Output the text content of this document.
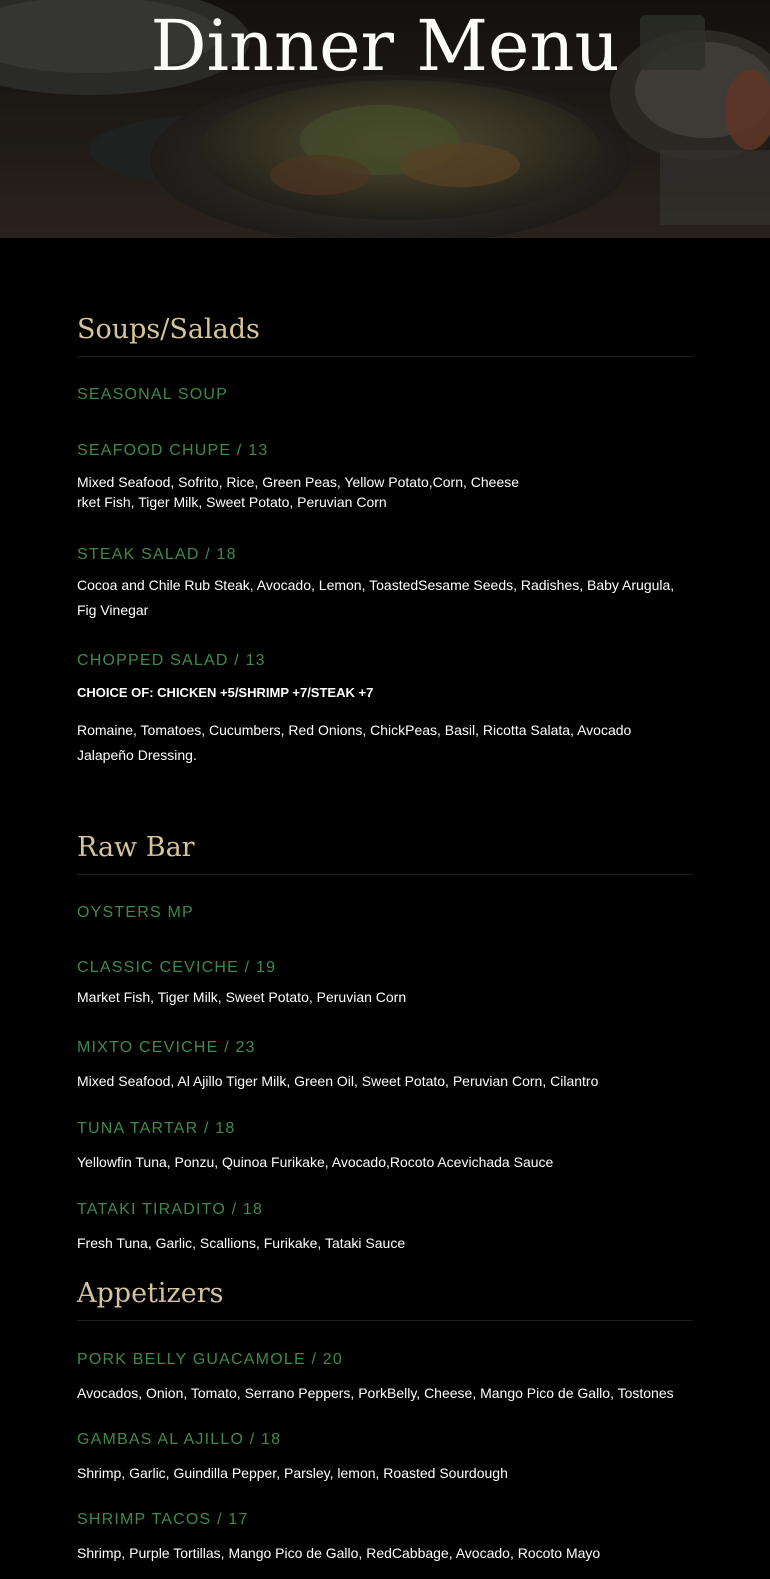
Dinner Menu
Soups/Salads
SEASONAL SOUP
SEAFOOD CHUPE / 13

Mixed Seafood, Sofrito, Rice, Green Peas, Yellow Potato,Corn, Cheese
rket Fish, Tiger Milk, Sweet Potato, Peruvian Corn

STEAK SALAD / 18

Cocoa and Chile Rub Steak, Avocado, Lemon, ToastedSesame Seeds, Radishes, Baby Arugula, Fig Vinegar

CHOPPED SALAD / 13

CHOICE OF: CHICKEN +5/SHRIMP +7/STEAK +7

Romaine, Tomatoes, Cucumbers, Red Onions, ChickPeas, Basil, Ricotta Salata, Avocado Jalapeño Dressing.

Raw Bar
OYSTERS MP
CLASSIC CEVICHE / 19

Market Fish, Tiger Milk, Sweet Potato, Peruvian Corn

MIXTO CEVICHE / 23

Mixed Seafood, Al Ajillo Tiger Milk, Green Oil, Sweet Potato, Peruvian Corn, Cilantro

TUNA TARTAR / 18

Yellowfin Tuna, Ponzu, Quinoa Furikake, Avocado,Rocoto Acevichada Sauce

TATAKI TIRADITO / 18

Fresh Tuna, Garlic, Scallions, Furikake, Tataki Sauce

Appetizers
PORK BELLY GUACAMOLE / 20

Avocados, Onion, Tomato, Serrano Peppers, PorkBelly, Cheese, Mango Pico de Gallo, Tostones

GAMBAS AL AJILLO / 18

Shrimp, Garlic, Guindilla Pepper, Parsley, lemon, Roasted Sourdough

SHRIMP TACOS / 17

Shrimp, Purple Tortillas, Mango Pico de Gallo, RedCabbage, Avocado, Rocoto Mayo
